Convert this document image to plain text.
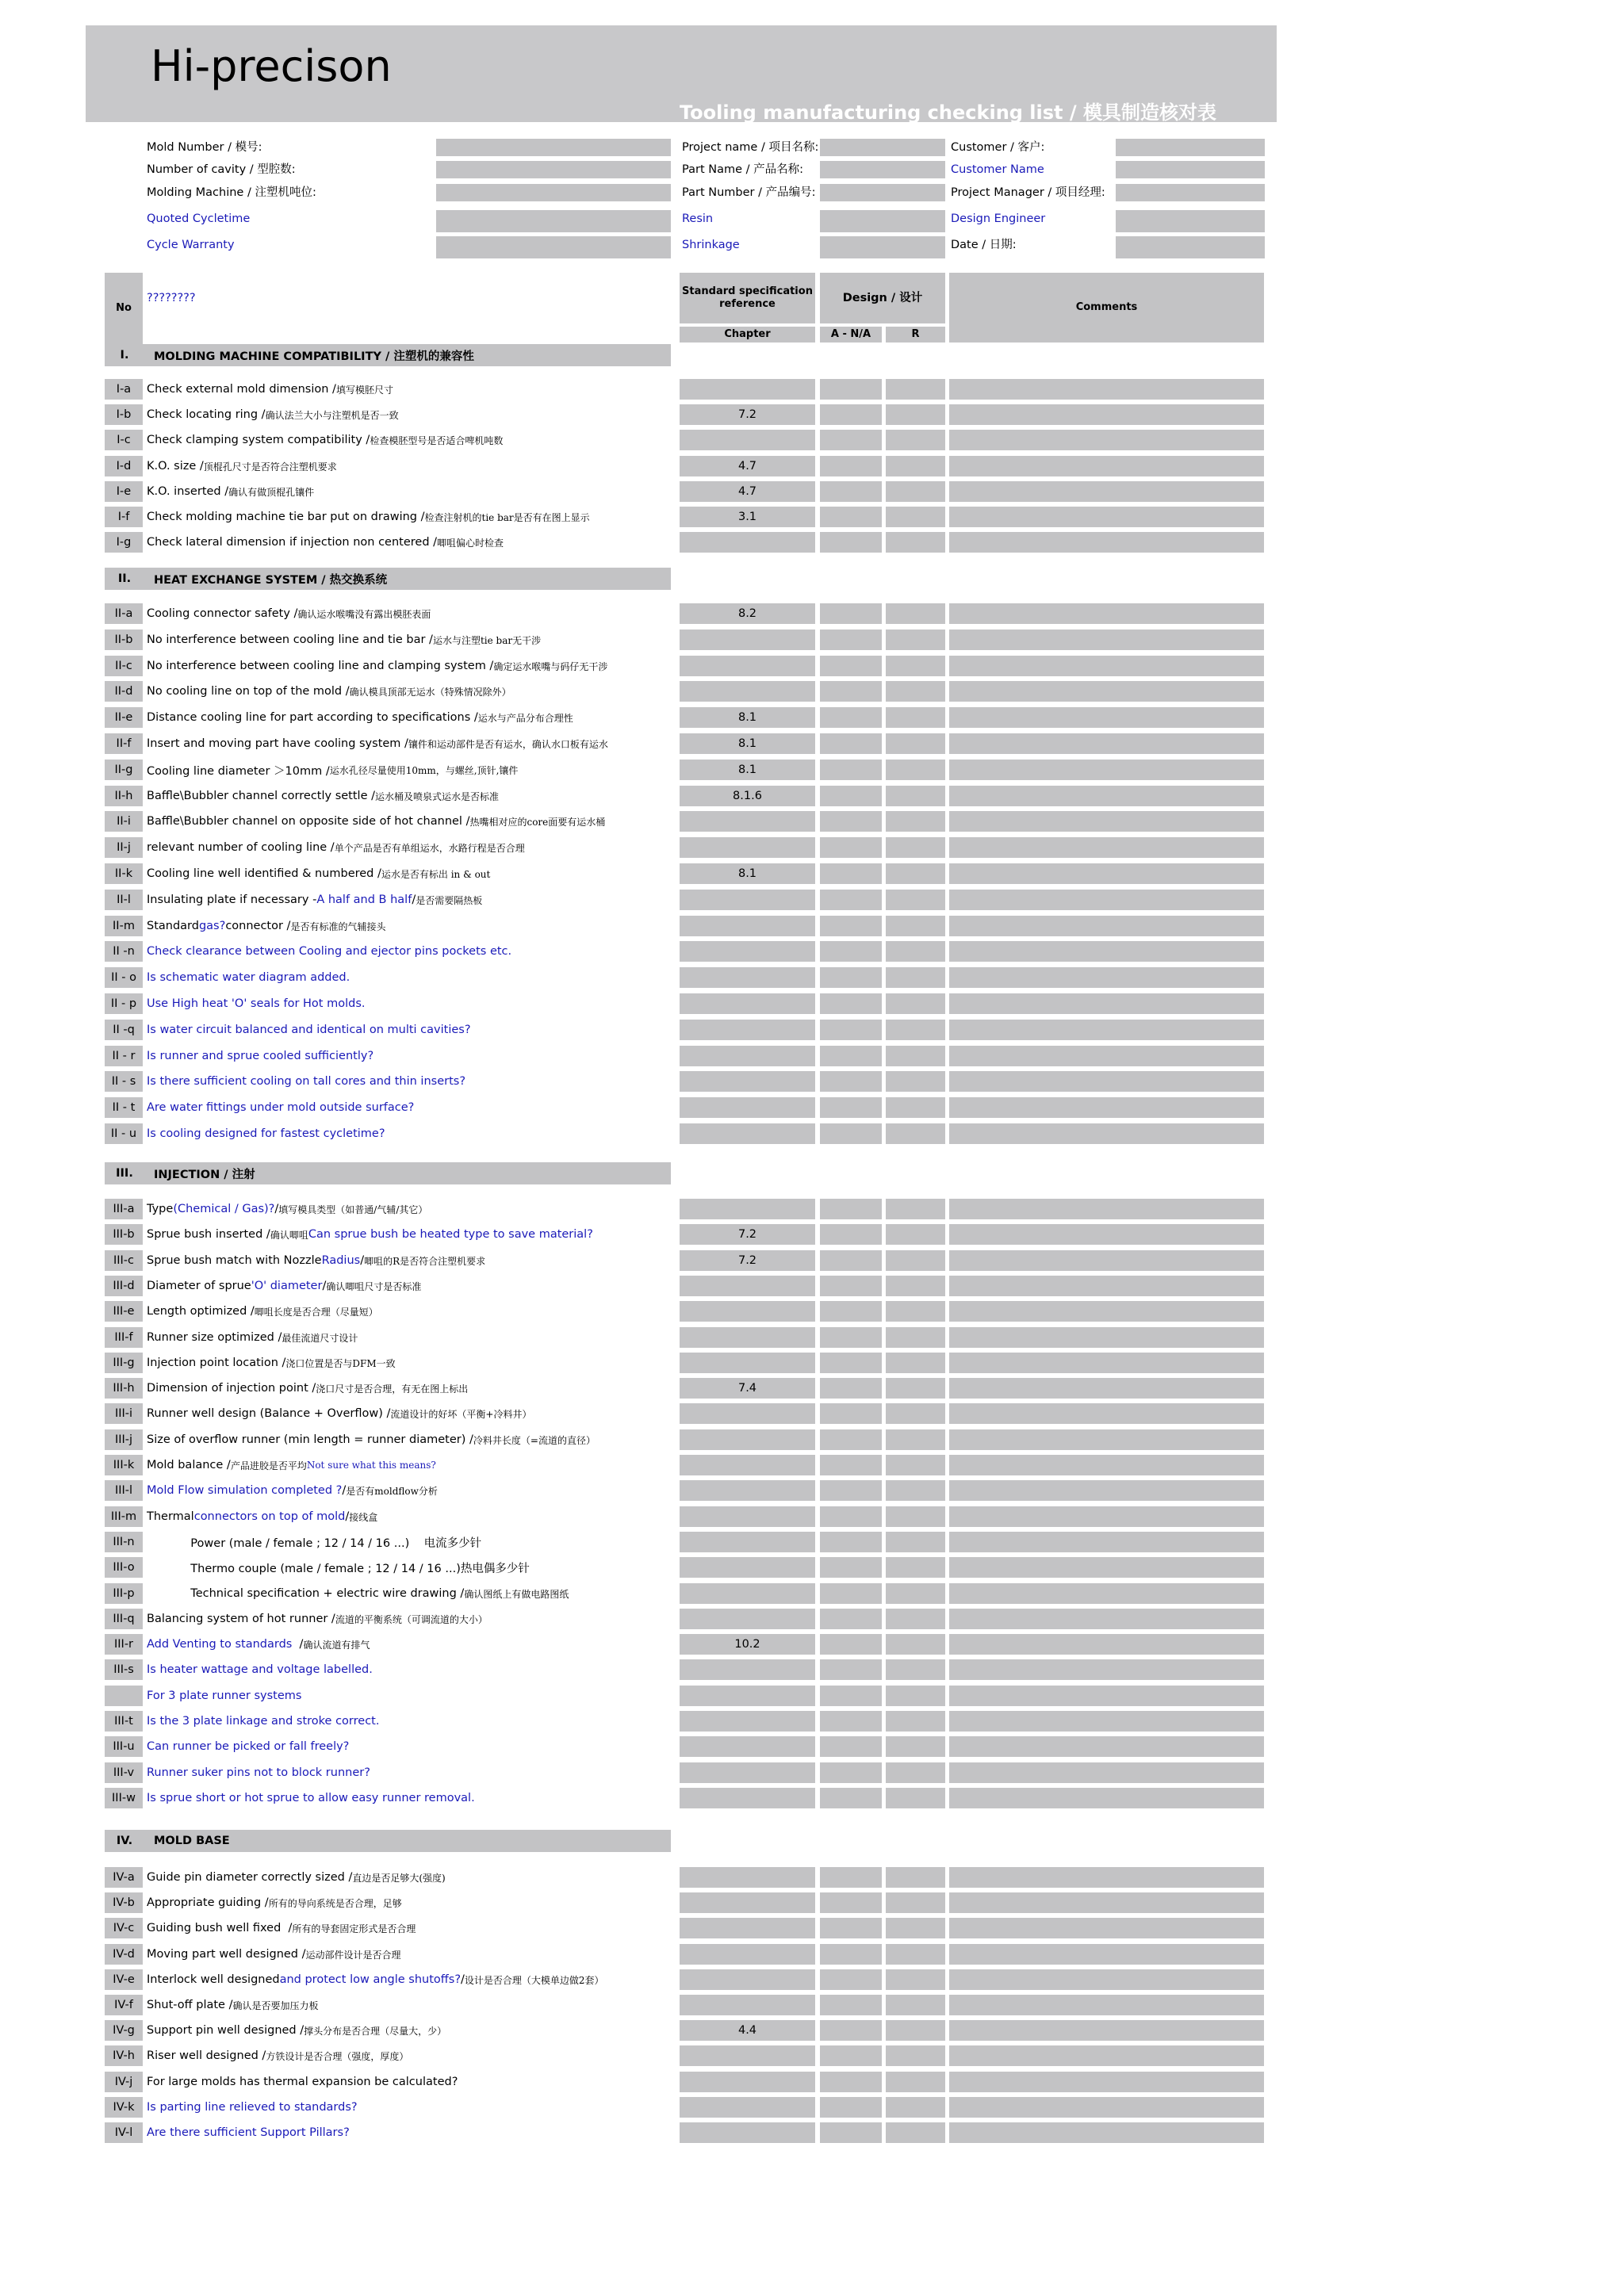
Hi-precison
Tooling manufacturing checking list / 模具制造核对表
Mold Number / 模号:
Number of cavity / 型腔数:
Molding Machine / 注塑机吨位:
Quoted Cycletime
Cycle Warranty
Project name / 项目名称:
Part Name / 产品名称:
Part Number / 产品编号:
Resin
Shrinkage
Customer / 客户:
Customer Name
Project Manager / 项目经理:
Design Engineer
Date / 日期:
No
????????
Standard specification reference
Chapter
Design / 设计
A - N/A	R
Comments
I.	MOLDING MACHINE COMPATIBILITY / 注塑机的兼容性
I-a	Check external mold dimension / 填写模胚尺寸
I-b	Check locating ring / 确认法兰大小与注塑机是否一致	7.2
I-c	Check clamping system compatibility / 检查模胚型号是否适合啤机吨数
I-d	K.O. size / 顶棍孔尺寸是否符合注塑机要求	4.7
I-e	K.O. inserted / 确认有做顶棍孔镶件	4.7
I-f	Check molding machine tie bar put on drawing / 检查注射机的tie bar是否有在图上显示	3.1
I-g	Check lateral dimension if injection non centered / 唧咀偏心时检查
II.	HEAT EXCHANGE SYSTEM / 热交换系统
II-a	Cooling connector safety / 确认运水喉嘴没有露出模胚表面	8.2
II-b	No interference between cooling line and tie bar / 运水与注塑tie bar无干涉
II-c	No interference between cooling line and clamping system / 确定运水喉嘴与码仔无干涉
II-d	No cooling line on top of the mold / 确认模具顶部无运水（特殊情况除外）
II-e	Distance cooling line for part according to specifications / 运水与产品分布合理性	8.1
II-f	Insert and moving part have cooling system / 镶件和运动部件是否有运水，确认水口板有运水	8.1
II-g	Cooling line diameter ＞10mm / 运水孔径尽量使用10mm，与螺丝,顶针,镶件	8.1
II-h	Baffle\Bubbler channel correctly settle / 运水桶及喷泉式运水是否标准	8.1.6
II-i	Baffle\Bubbler channel on opposite side of hot channel / 热嘴相对应的core面要有运水桶
II-j	relevant number of cooling line / 单个产品是否有单组运水，水路行程是否合理
II-k	Cooling line well identified & numbered / 运水是否有标出 in & out	8.1
II-l	Insulating plate if necessary - A half and B half / 是否需要隔热板
II-m	Standard gas? connector / 是否有标准的气辅接头
II -n	Check clearance between Cooling and ejector pins pockets etc.
II - o Is schematic water diagram added.
II - p Use High heat 'O' seals for Hot molds.
II -q	Is water circuit balanced and identical on multi cavities?
II - r	Is runner and sprue cooled sufficiently?
II - s Is there sufficient cooling on tall cores and thin inserts?
II - t	Are water fittings under mold outside surface?
II - u Is cooling designed for fastest cycletime?
III.	INJECTION / 注射
III-a	Type (Chemical / Gas)? / 填写模具类型（如普通/气辅/其它）
III-b	Sprue bush inserted / 确认唧咀 Can sprue bush be heated type to save material?	7.2
III-c	Sprue bush match with Nozzle Radius / 唧咀的R是否符合注塑机要求	7.2
III-d	Diameter of sprue 'O' diameter / 确认唧咀尺寸是否标准
III-e	Length optimized / 唧咀长度是否合理（尽量短）
III-f	Runner size optimized / 最佳流道尺寸设计
III-g	Injection point location / 浇口位置是否与DFM一致
III-h	Dimension of injection point / 浇口尺寸是否合理，有无在图上标出	7.4
III-i	Runner well design (Balance + Overflow) / 流道设计的好坏（平衡+冷料井）
III-j	Size of overflow runner (min length = runner diameter) / 冷料井长度（=流道的直径）
III-k	Mold balance / 产品进胶是否平均 Not sure what this means?
III-l	Mold Flow simulation completed ? / 是否有moldflow分析
III-m Thermal connectors on top of mold / 接线盒
III-n	Power (male / female ; 12 / 14 / 16 ...)    电流多少针
III-o	Thermo couple (male / female ; 12 / 14 / 16 ...)热电偶多少针
III-p	Technical specification + electric wire drawing / 确认图纸上有做电路图纸
III-q	Balancing system of hot runner / 流道的平衡系统（可调流道的大小）
III-r	Add Venting to standards / 确认流道有排气	10.2
III-s	Is heater wattage and voltage labelled.
For 3 plate runner systems
III-t	Is the 3 plate linkage and stroke correct.
III-u	Can runner be picked or fall freely?
III-v	Runner suker pins not to block runner?
III-w Is sprue short or hot sprue to allow easy runner removal.
IV.	MOLD BASE
IV-a	Guide pin diameter correctly sized / 直边是否足够大(强度)
IV-b	Appropriate guiding / 所有的导向系统是否合理，足够
IV-c	Guiding bush well fixed  / 所有的导套固定形式是否合理
IV-d	Moving part well designed / 运动部件设计是否合理
IV-e	Interlock well designed and protect low angle shutoffs? / 设计是否合理（大模单边做2套）
IV-f	Shut-off plate / 确认是否要加压力板
IV-g	Support pin well designed / 撑头分布是否合理（尽量大，少）	4.4
IV-h	Riser well designed / 方铁设计是否合理（强度，厚度）
IV-j	For large molds has thermal expansion be calculated?
IV-k	Is parting line relieved to standards?
IV-l	Are there sufficient Support Pillars?
